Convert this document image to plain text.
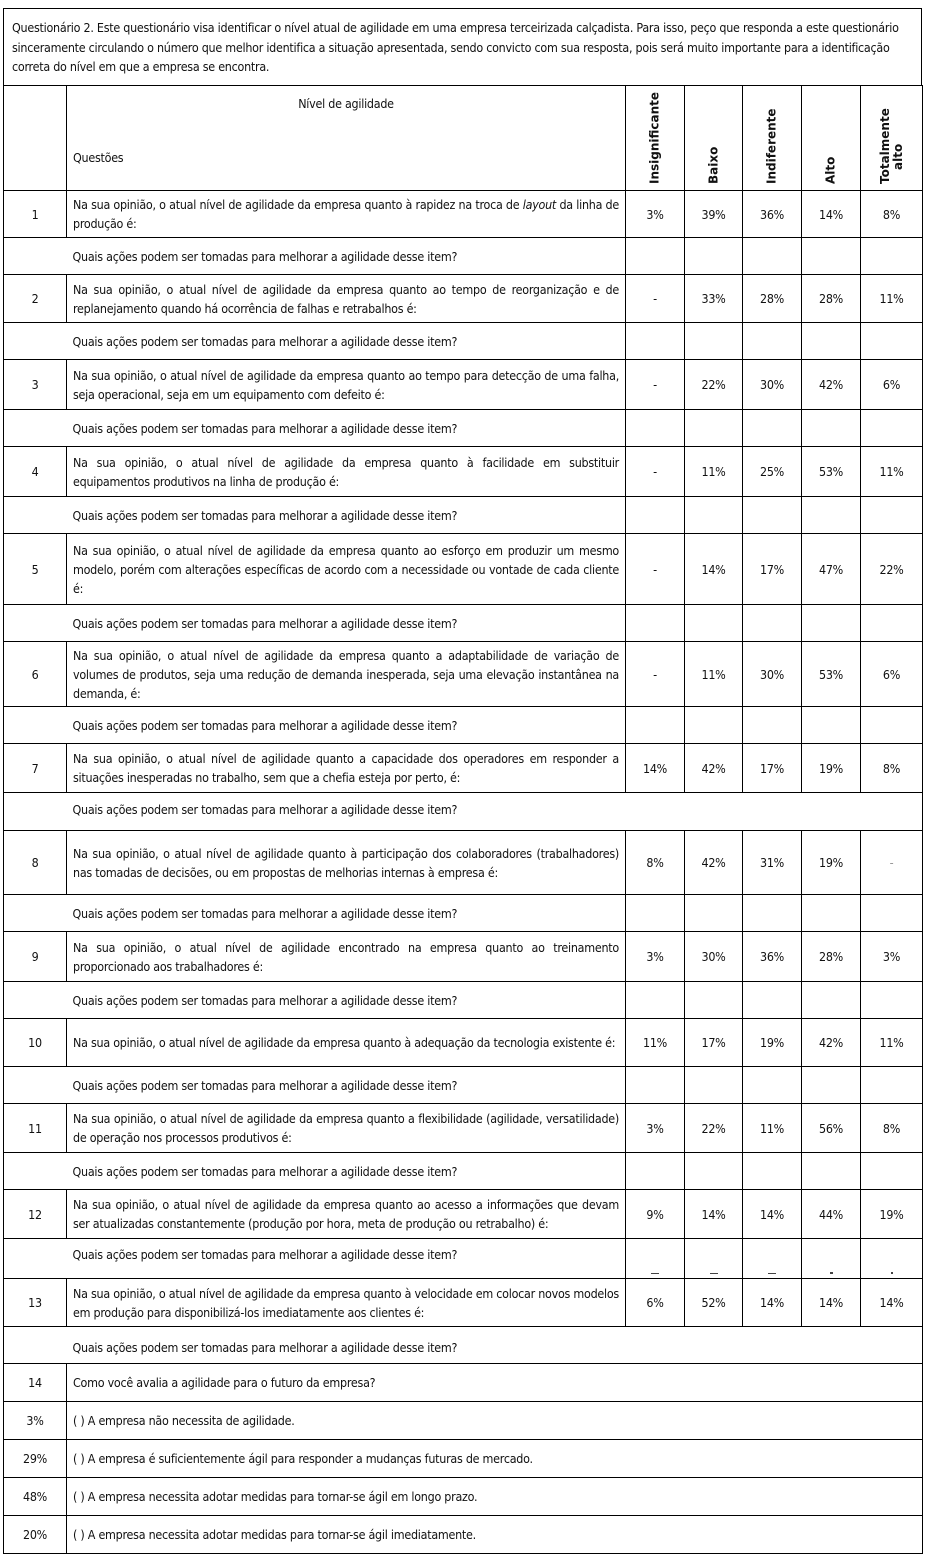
Questionário 2. Este questionário visa identificar o nível atual de agilidade em uma empresa terceirizada calçadista. Para isso, peço que responda a este questionário sinceramente circulando o número que melhor identifica a situação apresentada, sendo convicto com sua resposta, pois será muito importante para a identificação correta do nível em que a empresa se encontra.

	Nível de agilidade
Questões	Insignificante	Baixo	Indiferente	Alto	Totalmente
alto

1	Na sua opinião, o atual nível de agilidade da empresa quanto à rapidez na troca de layout da linha de produção é:	3%	39%	36%	14%	8%
	Quais ações podem ser tomadas para melhorar a agilidade desse item?					
2	Na sua opinião, o atual nível de agilidade da empresa quanto ao tempo de reorganização e de replanejamento quando há ocorrência de falhas e retrabalhos é:	-	33%	28%	28%	11%
	Quais ações podem ser tomadas para melhorar a agilidade desse item?					
3	Na sua opinião, o atual nível de agilidade da empresa quanto ao tempo para detecção de uma falha, seja operacional, seja em um equipamento com defeito é:	-	22%	30%	42%	6%
	Quais ações podem ser tomadas para melhorar a agilidade desse item?					
4	Na sua opinião, o atual nível de agilidade da empresa quanto à facilidade em substituir equipamentos produtivos na linha de produção é:	-	11%	25%	53%	11%
	Quais ações podem ser tomadas para melhorar a agilidade desse item?					
5	Na sua opinião, o atual nível de agilidade da empresa quanto ao esforço em produzir um mesmo modelo, porém com alterações específicas de acordo com a necessidade ou vontade de cada cliente é:	-	14%	17%	47%	22%
	Quais ações podem ser tomadas para melhorar a agilidade desse item?					
6	Na sua opinião, o atual nível de agilidade da empresa quanto a adaptabilidade de variação de volumes de produtos, seja uma redução de demanda inesperada, seja uma elevação instantânea na demanda, é:	-	11%	30%	53%	6%
	Quais ações podem ser tomadas para melhorar a agilidade desse item?					
7	Na sua opinião, o atual nível de agilidade quanto a capacidade dos operadores em responder a situações inesperadas no trabalho, sem que a chefia esteja por perto, é:	14%	42%	17%	19%	8%
	Quais ações podem ser tomadas para melhorar a agilidade desse item?					
8	Na sua opinião, o atual nível de agilidade quanto à participação dos colaboradores (trabalhadores) nas tomadas de decisões, ou em propostas de melhorias internas à empresa é:	8%	42%	31%	19%	-
	Quais ações podem ser tomadas para melhorar a agilidade desse item?					
9	Na sua opinião, o atual nível de agilidade encontrado na empresa quanto ao treinamento proporcionado aos trabalhadores é:	3%	30%	36%	28%	3%
	Quais ações podem ser tomadas para melhorar a agilidade desse item?					
10	Na sua opinião, o atual nível de agilidade da empresa quanto à adequação da tecnologia existente é:	11%	17%	19%	42%	11%
	Quais ações podem ser tomadas para melhorar a agilidade desse item?					
11	Na sua opinião, o atual nível de agilidade da empresa quanto a flexibilidade (agilidade, versatilidade) de operação nos processos produtivos é:	3%	22%	11%	56%	8%
	Quais ações podem ser tomadas para melhorar a agilidade desse item?					
12	Na sua opinião, o atual nível de agilidade da empresa quanto ao acesso a informações que devam ser atualizadas constantemente (produção por hora, meta de produção ou retrabalho) é:	9%	14%	14%	44%	19%
	Quais ações podem ser tomadas para melhorar a agilidade desse item?	

13	Na sua opinião, o atual nível de agilidade da empresa quanto à velocidade em colocar novos modelos em produção para disponibilizá-los imediatamente aos clientes é:	6%	52%	14%	14%	14%
	Quais ações podem ser tomadas para melhorar a agilidade desse item?					
14	Como você avalia a agilidade para o futuro da empresa?					
3%	( ) A empresa não necessita de agilidade.					
29%	( ) A empresa é suficientemente ágil para responder a mudanças futuras de mercado.					
48%	( ) A empresa necessita adotar medidas para tornar-se ágil em longo prazo.					
20%	( ) A empresa necessita adotar medidas para tornar-se ágil imediatamente.					
